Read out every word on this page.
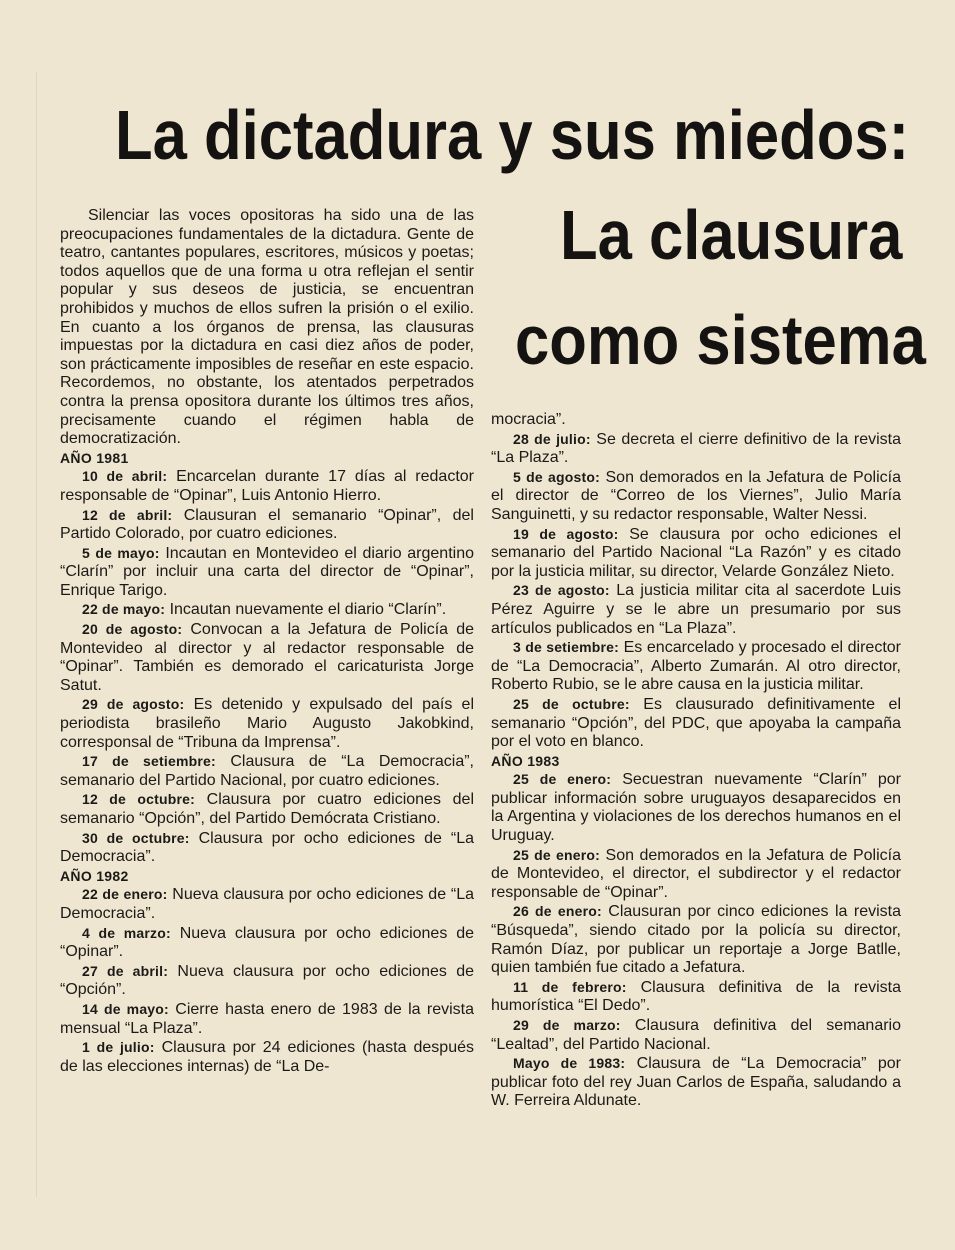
La dictadura y sus miedos:
La clausura
como sistema

Silenciar las voces opositoras ha sido una de las preocupaciones fundamentales de la dictadura. Gente de teatro, cantantes populares, escritores, músicos y poetas; todos aquellos que de una forma u otra reflejan el sentir popular y sus deseos de justicia, se encuentran prohibidos y muchos de ellos sufren la prisión o el exilio. En cuanto a los órganos de prensa, las clausuras impuestas por la dictadura en casi diez años de poder, son prácticamente imposibles de reseñar en este espacio. Recordemos, no obstante, los atentados perpetrados contra la prensa opositora durante los últimos tres años, precisamente cuando el régimen habla de democratización.

AÑO 1981

10 de abril: Encarcelan durante 17 días al redactor responsable de “Opinar”, Luis Antonio Hierro.

12 de abril: Clausuran el semanario “Opinar”, del Partido Colorado, por cuatro ediciones.

5 de mayo: Incautan en Montevideo el diario argentino “Clarín” por incluir una carta del director de “Opinar”, Enrique Tarigo.

22 de mayo: Incautan nuevamente el diario “Clarín”.

20 de agosto: Convocan a la Jefatura de Policía de Montevideo al director y al redactor responsable de “Opinar”. También es demorado el caricaturista Jorge Satut.

29 de agosto: Es detenido y expulsado del país el periodista brasileño Mario Augusto Jakobkind, corresponsal de “Tribuna da Imprensa”.

17 de setiembre: Clausura de “La Democracia”, semanario del Partido Nacional, por cuatro ediciones.

12 de octubre: Clausura por cuatro ediciones del semanario “Opción”, del Partido Demócrata Cristiano.

30 de octubre: Clausura por ocho ediciones de “La Democracia”.

AÑO 1982

22 de enero: Nueva clausura por ocho ediciones de “La Democracia”.

4 de marzo: Nueva clausura por ocho ediciones de “Opinar”.

27 de abril: Nueva clausura por ocho ediciones de “Opción”.

14 de mayo: Cierre hasta enero de 1983 de la revista mensual “La Plaza”.

1 de julio: Clausura por 24 ediciones (hasta después de las elecciones internas) de “La De-

mocracia”.

28 de julio: Se decreta el cierre definitivo de la revista “La Plaza”.

5 de agosto: Son demorados en la Jefatura de Policía el director de “Correo de los Viernes”, Julio María Sanguinetti, y su redactor responsable, Walter Nessi.

19 de agosto: Se clausura por ocho ediciones el semanario del Partido Nacional “La Razón” y es citado por la justicia militar, su director, Velarde González Nieto.

23 de agosto: La justicia militar cita al sacerdote Luis Pérez Aguirre y se le abre un presumario por sus artículos publicados en “La Plaza”.

3 de setiembre: Es encarcelado y procesado el director de “La Democracia”, Alberto Zumarán. Al otro director, Roberto Rubio, se le abre causa en la justicia militar.

25 de octubre: Es clausurado definitivamente el semanario “Opción”, del PDC, que apoyaba la campaña por el voto en blanco.

AÑO 1983

25 de enero: Secuestran nuevamente “Clarín” por publicar información sobre uruguayos desaparecidos en la Argentina y violaciones de los derechos humanos en el Uruguay.

25 de enero: Son demorados en la Jefatura de Policía de Montevideo, el director, el subdirector y el redactor responsable de “Opinar”.

26 de enero: Clausuran por cinco ediciones la revista “Búsqueda”, siendo citado por la policía su director, Ramón Díaz, por publicar un reportaje a Jorge Batlle, quien también fue citado a Jefatura.

11 de febrero: Clausura definitiva de la revista humorística “El Dedo”.

29 de marzo: Clausura definitiva del semanario “Lealtad”, del Partido Nacional.

Mayo de 1983: Clausura de “La Democracia” por publicar foto del rey Juan Carlos de España, saludando a W. Ferreira Aldunate.
